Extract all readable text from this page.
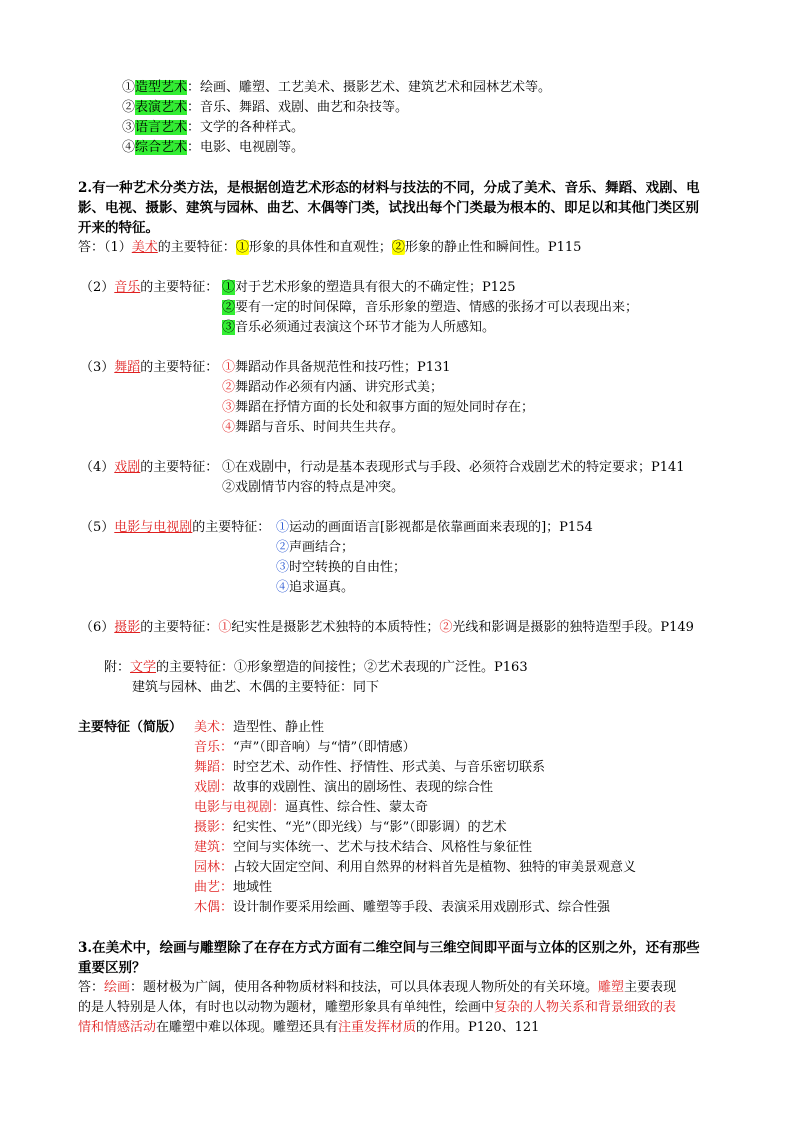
①造型艺术：绘画、雕塑、工艺美术、摄影艺术、建筑艺术和园林艺术等。
②表演艺术：音乐、舞蹈、戏剧、曲艺和杂技等。
③语言艺术：文学的各种样式。
④综合艺术：电影、电视剧等。
2.有一种艺术分类方法，是根据创造艺术形态的材料与技法的不同，分成了美术、音乐、舞蹈、戏剧、电
影、电视、摄影、建筑与园林、曲艺、木偶等门类，试找出每个门类最为根本的、即足以和其他门类区别
开来的特征。
答：（1）美术的主要特征：①形象的具体性和直观性；②形象的静止性和瞬间性。P115
（2）音乐的主要特征： ①对于艺术形象的塑造具有很大的不确定性；P125
②要有一定的时间保障，音乐形象的塑造、情感的张扬才可以表现出来；
③音乐必须通过表演这个环节才能为人所感知。
（3）舞蹈的主要特征： ①舞蹈动作具备规范性和技巧性；P131
②舞蹈动作必须有内涵、讲究形式美；
③舞蹈在抒情方面的长处和叙事方面的短处同时存在；
④舞蹈与音乐、时间共生共存。
（4）戏剧的主要特征： ①在戏剧中，行动是基本表现形式与手段、必须符合戏剧艺术的特定要求；P141
②戏剧情节内容的特点是冲突。
（5）电影与电视剧的主要特征： ①运动的画面语言[影视都是依靠画面来表现的]；P154
②声画结合；
③时空转换的自由性；
④追求逼真。
（6）摄影的主要特征：①纪实性是摄影艺术独特的本质特性；②光线和影调是摄影的独特造型手段。P149
附：文学的主要特征：①形象塑造的间接性；②艺术表现的广泛性。P163
建筑与园林、曲艺、木偶的主要特征：同下
主要特征（简版） 美术：造型性、静止性
音乐：“声”（即音响）与“情”（即情感）
舞蹈：时空艺术、动作性、抒情性、形式美、与音乐密切联系
戏剧：故事的戏剧性、演出的剧场性、表现的综合性
电影与电视剧：逼真性、综合性、蒙太奇
摄影：纪实性、“光”（即光线）与“影”（即影调）的艺术
建筑：空间与实体统一、艺术与技术结合、风格性与象征性
园林：占较大固定空间、利用自然界的材料首先是植物、独特的审美景观意义
曲艺：地域性
木偶：设计制作要采用绘画、雕塑等手段、表演采用戏剧形式、综合性强
3.在美术中，绘画与雕塑除了在存在方式方面有二维空间与三维空间即平面与立体的区别之外，还有那些
重要区别？
答：绘画：题材极为广阔，使用各种物质材料和技法，可以具体表现人物所处的有关环境。雕塑主要表现
的是人特别是人体，有时也以动物为题材，雕塑形象具有单纯性，绘画中复杂的人物关系和背景细致的表
情和情感活动在雕塑中难以体现。雕塑还具有注重发挥材质的作用。P120、121
